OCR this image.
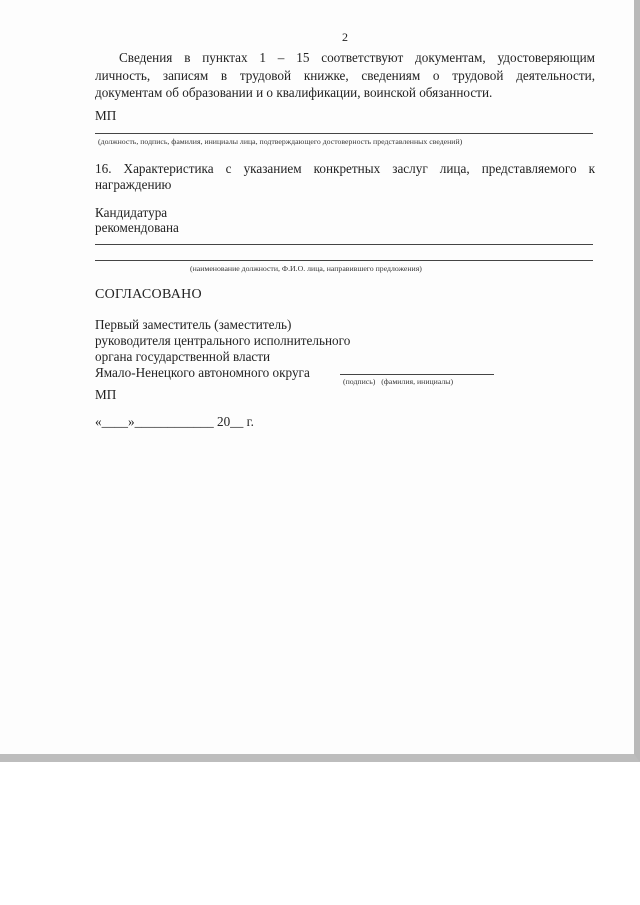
2
Сведения в пунктах 1 – 15 соответствуют документам, удостоверяющим
личность, записям в трудовой книжке, сведениям о трудовой деятельности,
документам об образовании и о квалификации, воинской обязанности.
МП
(должность, подпись, фамилия, инициалы лица, подтверждающего достоверность представленных сведений)
16. Характеристика с указанием конкретных заслуг лица, представляемого к
награждению
Кандидатура
рекомендована
(наименование должности, Ф.И.О. лица, направившего предложения)
СОГЛАСОВАНО
Первый заместитель (заместитель)
руководителя центрального исполнительного
органа государственной власти
Ямало-Ненецкого автономного округа
(подпись)   (фамилия, инициалы)
МП
«____»____________ 20__ г.
